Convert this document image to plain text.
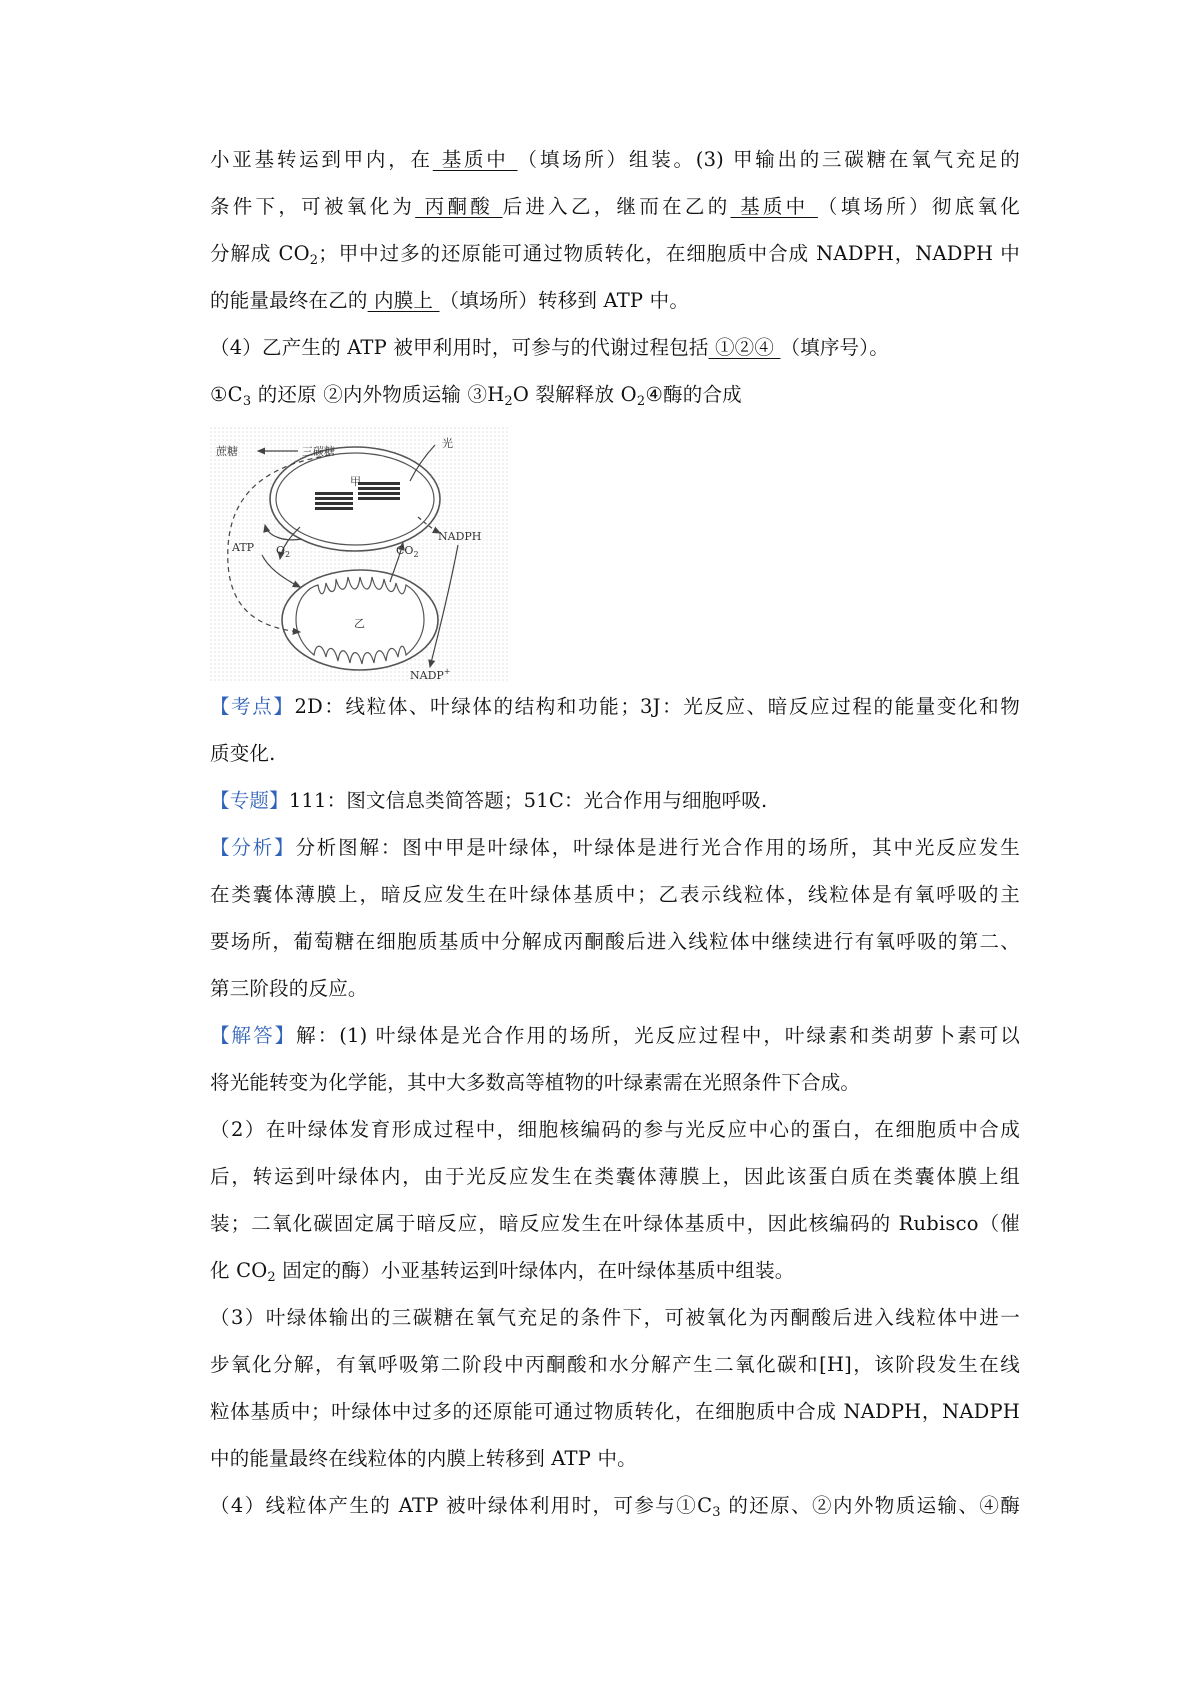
小亚基转运到甲内，在 基质中 （填场所）组装。(3) 甲输出的三碳糖在氧气充足的
条件下，可被氧化为 丙酮酸 后进入乙，继而在乙的 基质中 （填场所）彻底氧化
分解成 $CO_2$；甲中过多的还原能可通过物质转化，在细胞质中合成 NADPH，NADPH 中
的能量最终在乙的 内膜上 （填场所）转移到 ATP 中。
（4）乙产生的 ATP 被甲利用时，可参与的代谢过程包括 ①②④ （填序号）。
$①C_3$ 的还原 ②内外物质运输 $③H_2O$ 裂解释放 $O_2④$酶的合成
蔗糖	三碳糖
光
甲
乙
ATP $O_2$	$CO_2$
NADPH
NADP+
【考点】2D：线粒体、叶绿体的结构和功能；3J：光反应、暗反应过程的能量变化和物
质变化.
【专题】111：图文信息类简答题；51C：光合作用与细胞呼吸.
【分析】分析图解：图中甲是叶绿体，叶绿体是进行光合作用的场所，其中光反应发生
在类囊体薄膜上，暗反应发生在叶绿体基质中；乙表示线粒体，线粒体是有氧呼吸的主
要场所，葡萄糖在细胞质基质中分解成丙酮酸后进入线粒体中继续进行有氧呼吸的第二、
第三阶段的反应。
【解答】解：(1) 叶绿体是光合作用的场所，光反应过程中，叶绿素和类胡萝卜素可以
将光能转变为化学能，其中大多数高等植物的叶绿素需在光照条件下合成。
（2）在叶绿体发育形成过程中，细胞核编码的参与光反应中心的蛋白，在细胞质中合成
后，转运到叶绿体内，由于光反应发生在类囊体薄膜上，因此该蛋白质在类囊体膜上组
装；二氧化碳固定属于暗反应，暗反应发生在叶绿体基质中，因此核编码的 Rubisco（催
化 $CO_2$ 固定的酶）小亚基转运到叶绿体内，在叶绿体基质中组装。
（3）叶绿体输出的三碳糖在氧气充足的条件下，可被氧化为丙酮酸后进入线粒体中进一
步氧化分解，有氧呼吸第二阶段中丙酮酸和水分解产生二氧化碳和[H]，该阶段发生在线
粒体基质中；叶绿体中过多的还原能可通过物质转化，在细胞质中合成 NADPH，NADPH
中的能量最终在线粒体的内膜上转移到 ATP 中。
（4）线粒体产生的 ATP 被叶绿体利用时，可参与$①C_3$ 的还原、②内外物质运输、④酶
